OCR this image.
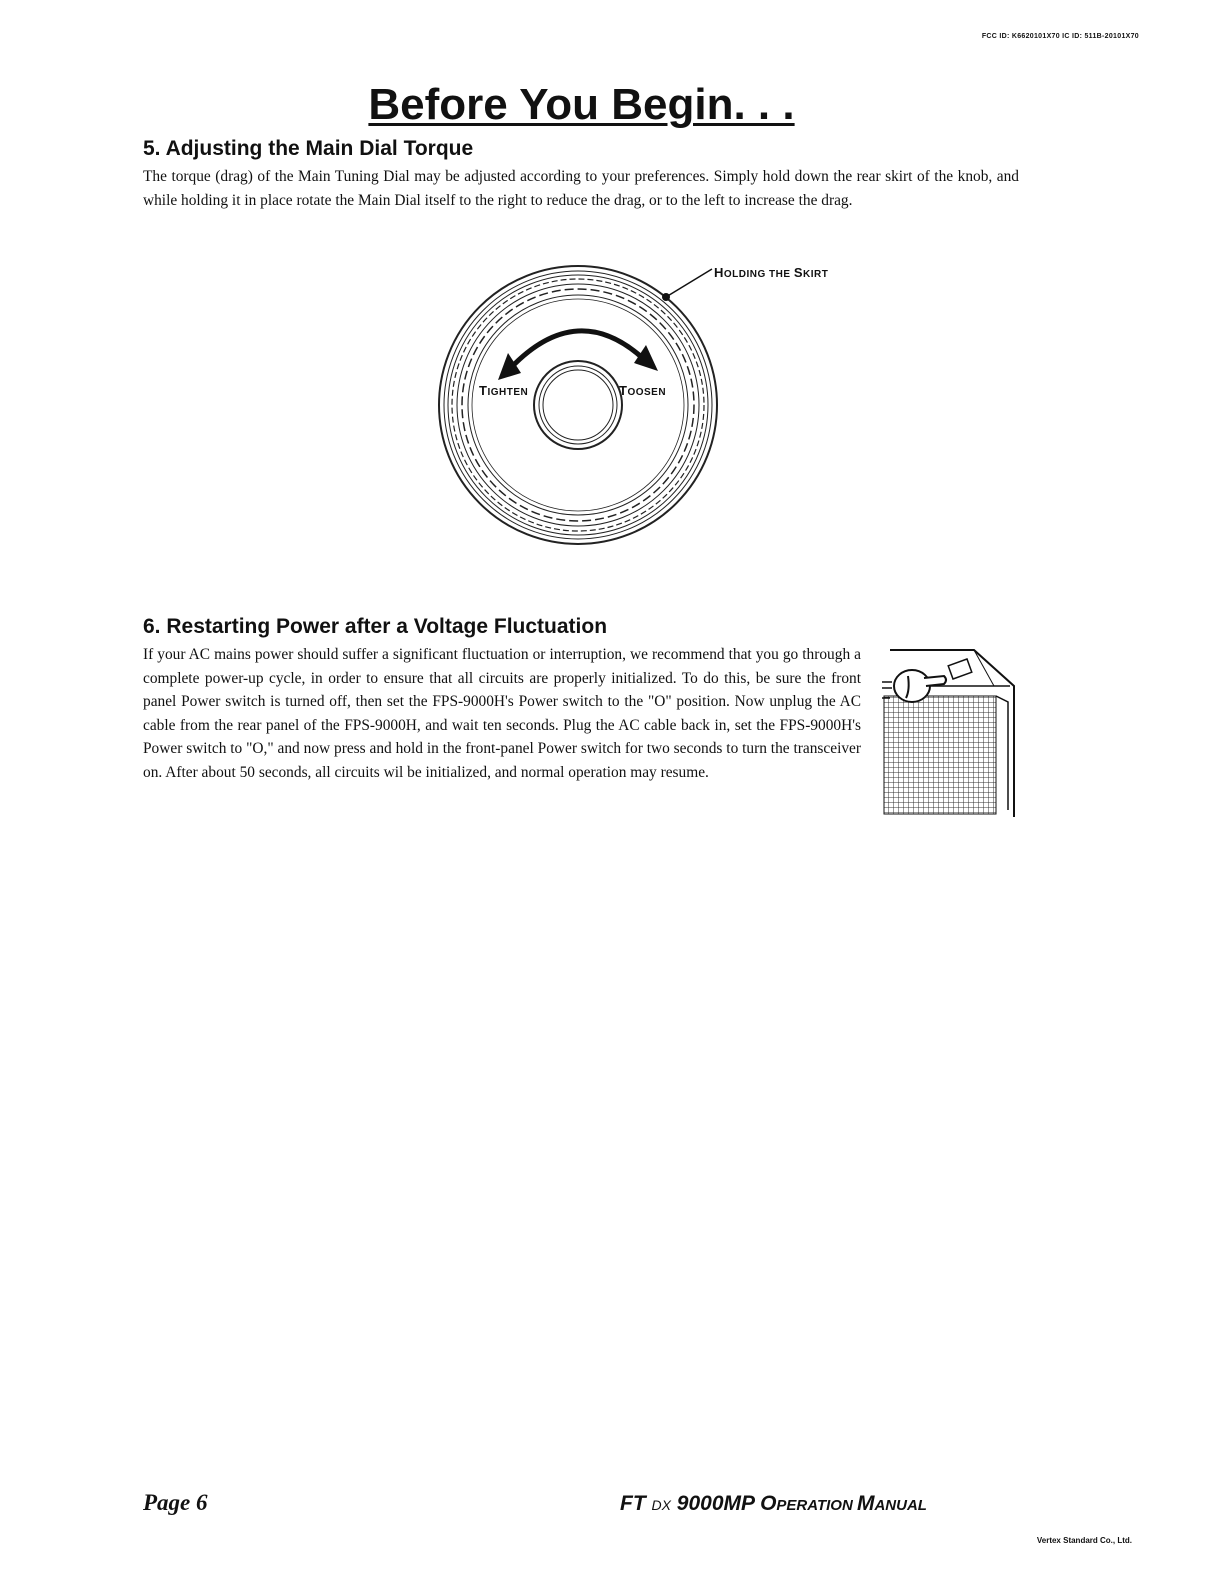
FCC ID: K6620101X70 IC ID: 511B-20101X70
Before You Begin. . .
5. Adjusting the Main Dial Torque
The torque (drag) of the Main Tuning Dial may be adjusted according to your preferences. Simply hold down the rear skirt of the knob, and while holding it in place rotate the Main Dial itself to the right to reduce the drag, or to the left to increase the drag.
HOLDING THE SKIRT
TIGHTEN	TOOSEN
6. Restarting Power after a Voltage Fluctuation
If your AC mains power should suffer a significant fluctuation or interruption, we recommend that you go through a complete power-up cycle, in order to ensure that all circuits are properly initialized. To do this, be sure the front panel Power switch is turned off, then set the FPS-9000H's Power switch to the "O" position. Now unplug the AC cable from the rear panel of the FPS-9000H, and wait ten seconds. Plug the AC cable back in, set the FPS-9000H's Power switch to "O," and now press and hold in the front-panel Power switch for two seconds to turn the transceiver on. After about 50 seconds, all circuits wil be initialized, and normal operation may resume.
Page 6	FT DX 9000MP OPERATION MANUAL
Vertex Standard Co., Ltd.
